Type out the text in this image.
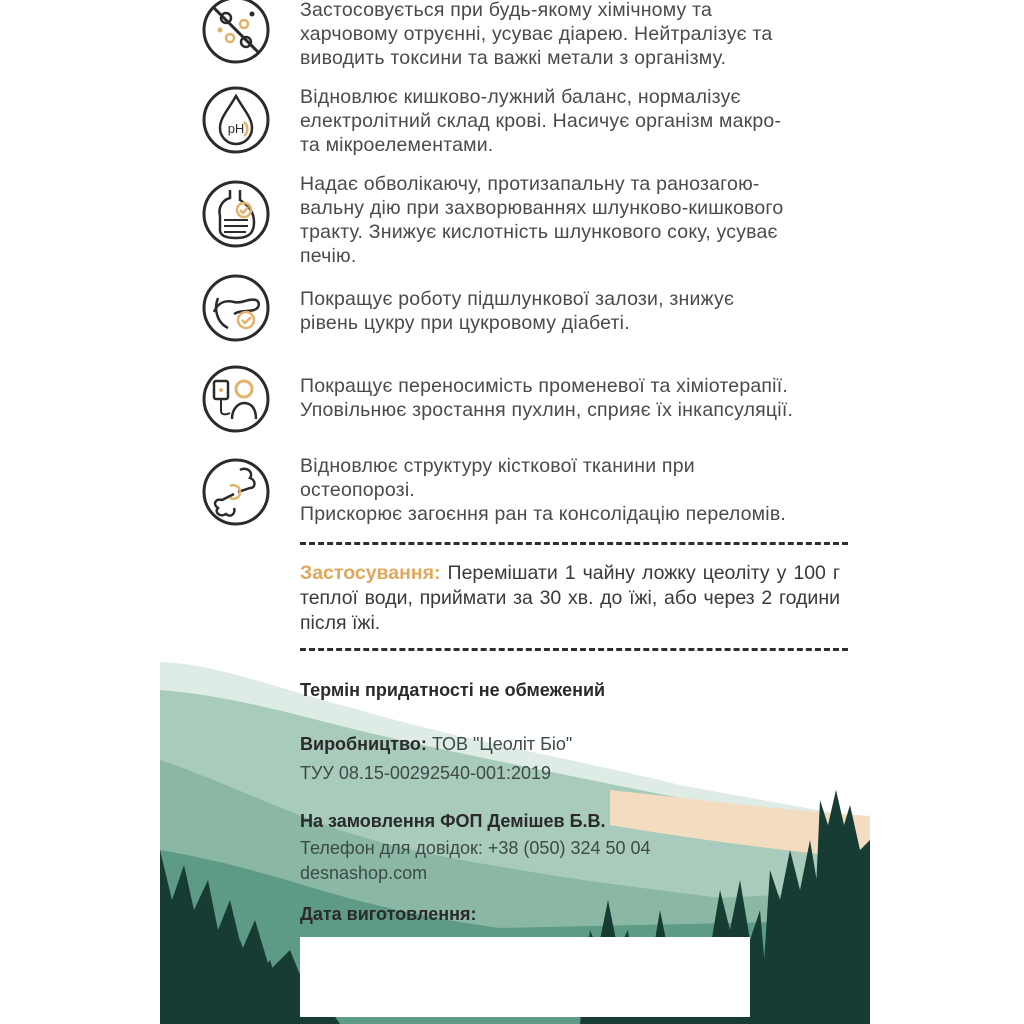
Застосовується при будь-якому хімічному та
харчовому отруєнні, усуває діарею. Нейтралізує та
виводить токсини та важкі метали з організму.
pH
Відновлює кишково-лужний баланс, нормалізує
електролітний склад крові. Насичує організм макро-
та мікроелементами.
Надає обволікаючу, протизапальну та ранозагою-
вальну дію при захворюваннях шлунково-кишкового
тракту. Знижує кислотність шлункового соку, усуває
печію.
Покращує роботу підшлункової залози, знижує
рівень цукру при цукровому діабеті.
Покращує переносимість променевої та хіміотерапії.
Уповільнює зростання пухлин, сприяє їх інкапсуляції.
Відновлює структуру кісткової тканини при
остеопорозі.
Прискорює загоєння ран та консолідацію переломів.
Застосування: Перемішати 1 чайну ложку цеоліту у 100 г теплої води, приймати за 30 хв. до їжі, або через 2 години після їжі.
Термін придатності не обмежений
Виробництво: ТОВ "Цеоліт Біо"
ТУУ 08.15-00292540-001:2019
На замовлення ФОП Демішев Б.В.
Телефон для довідок: +38 (050) 324 50 04
desnashop.com
Дата виготовлення:
